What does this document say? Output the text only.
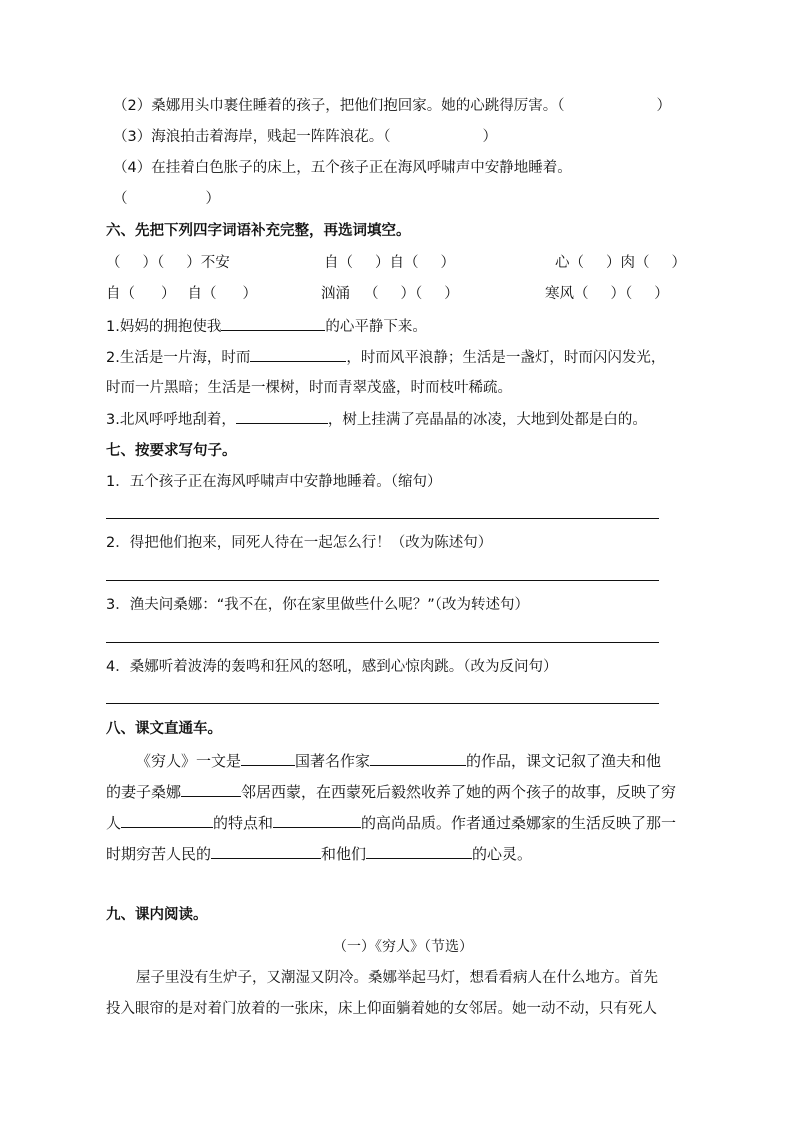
（2）桑娜用头巾裹住睡着的孩子，把他们抱回家。她的心跳得厉害。（	）
（3）海浪拍击着海岸，贱起一阵阵浪花。（	）
（4）在挂着白色胀子的床上，五个孩子正在海风呼啸声中安静地睡着。
（	）
六、先把下列四字词语补充完整，再选词填空。
（ ）（ ）不安	自（ ）自（ ）	心（ ）肉（ ）
自（ ） 自（ ）	汹涌 （ ）（ ）	寒风（ ）（ ）
1.妈妈的拥抱使我	的心平静下来。
2.生活是一片海，时而	，时而风平浪静；生活是一盏灯，时而闪闪发光，
时而一片黑暗；生活是一棵树，时而青翠茂盛，时而枝叶稀疏。
3.北风呼呼地刮着，	，树上挂满了亮晶晶的冰凌，大地到处都是白的。
七、按要求写句子。
1．五个孩子正在海风呼啸声中安静地睡着。（缩句）
2．得把他们抱来，同死人待在一起怎么行！（改为陈述句）
3．渔夫问桑娜：“我不在，你在家里做些什么呢？”（改为转述句）
4．桑娜听着波涛的轰鸣和狂风的怒吼，感到心惊肉跳。（改为反问句）
八、课文直通车。
《穷人》一文是	国著名作家	的作品，课文记叙了渔夫和他
的妻子桑娜	邻居西蒙，在西蒙死后毅然收养了她的两个孩子的故事，反映了穷
人	的特点和	的高尚品质。作者通过桑娜家的生活反映了那一
时期穷苦人民的	和他们	的心灵。
九、课内阅读。
（一）《穷人》（节选）
屋子里没有生炉子，又潮湿又阴冷。桑娜举起马灯，想看看病人在什么地方。首先
投入眼帘的是对着门放着的一张床，床上仰面躺着她的女邻居。她一动不动，只有死人
